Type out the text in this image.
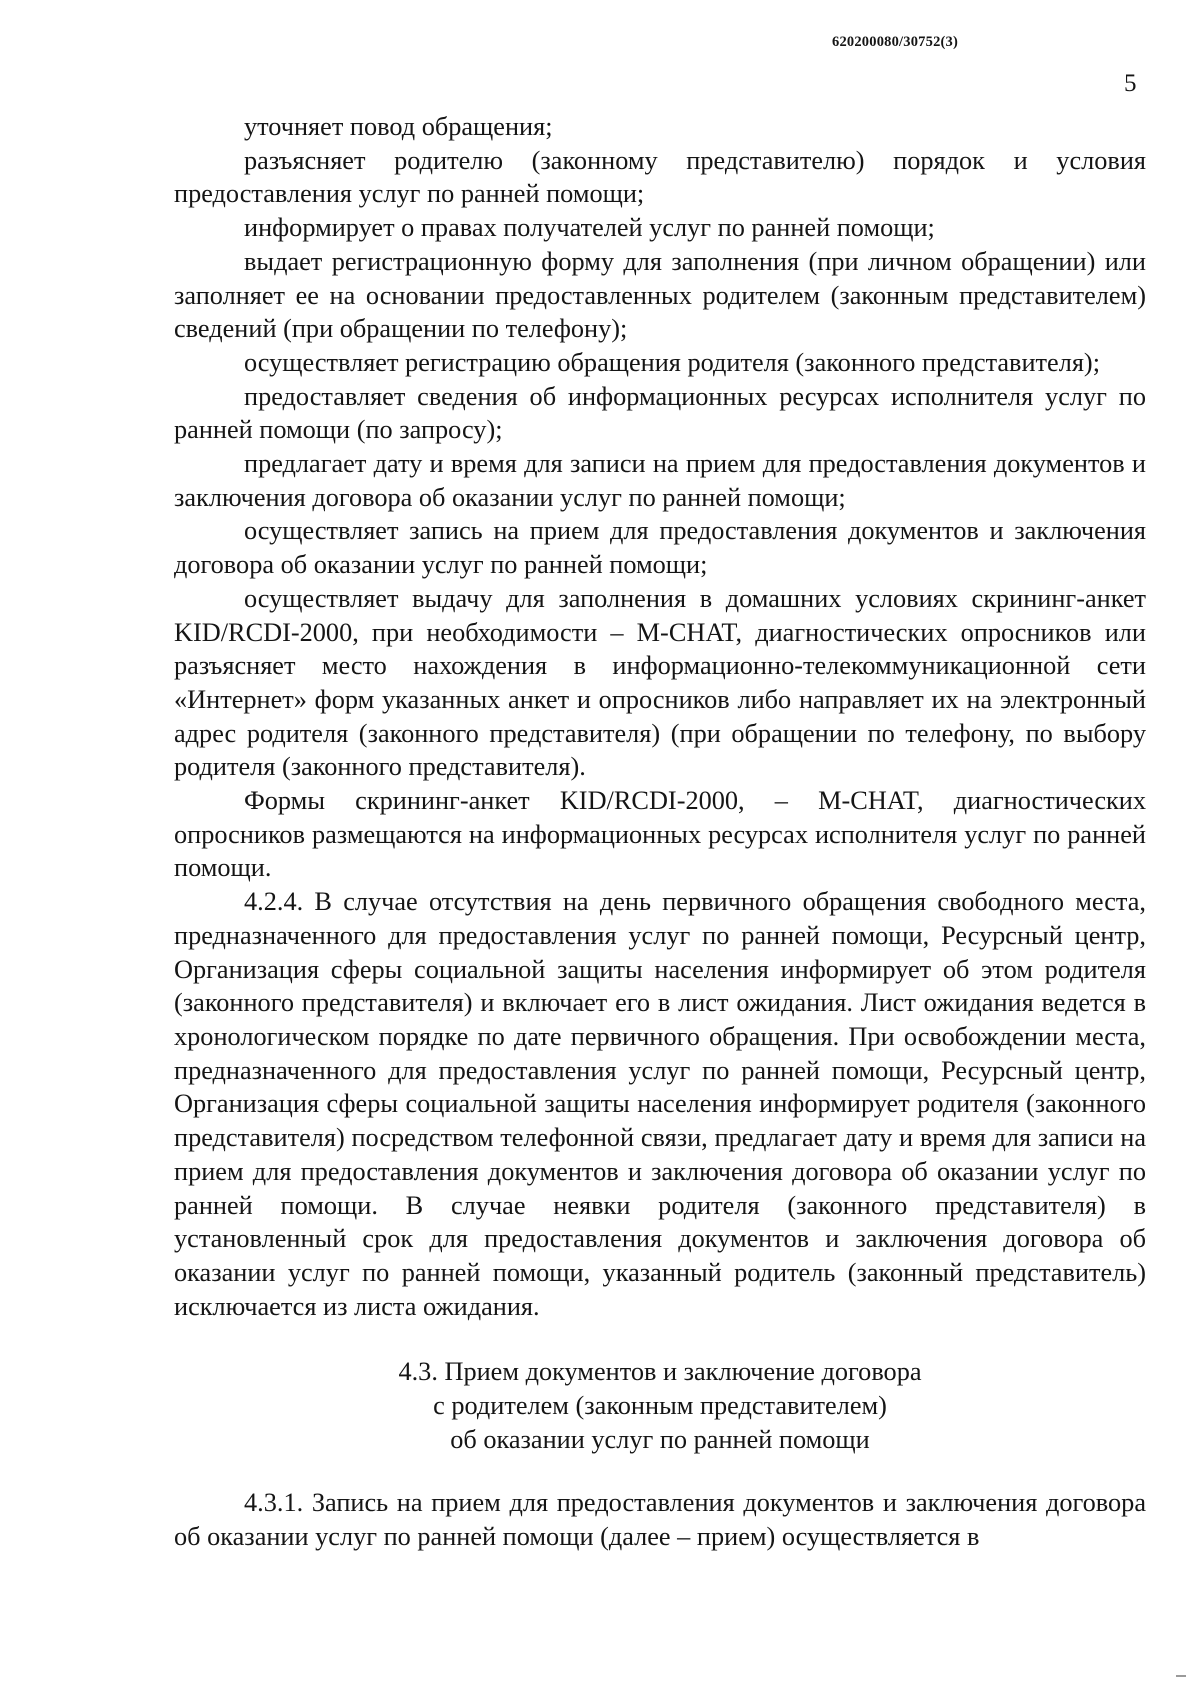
620200080/30752(3)
5

уточняет повод обращения;

разъясняет родителю (законному представителю) порядок и условия предоставления услуг по ранней помощи;

информирует о правах получателей услуг по ранней помощи;

выдает регистрационную форму для заполнения (при личном обращении) или заполняет ее на основании предоставленных родителем (законным представителем) сведений (при обращении по телефону);

осуществляет регистрацию обращения родителя (законного представителя);

предоставляет сведения об информационных ресурсах исполнителя услуг по ранней помощи (по запросу);

предлагает дату и время для записи на прием для предоставления документов и заключения договора об оказании услуг по ранней помощи;

осуществляет запись на прием для предоставления документов и заключения договора об оказании услуг по ранней помощи;

осуществляет выдачу для заполнения в домашних условиях скрининг-анкет KID/RCDI-2000, при необходимости – M-CHAT, диагностических опросников или разъясняет место нахождения в информационно-телекоммуникационной сети «Интернет» форм указанных анкет и опросников либо направляет их на электронный адрес родителя (законного представителя) (при обращении по телефону, по выбору родителя (законного представителя).

Формы скрининг-анкет KID/RCDI-2000, – M-CHAT, диагностических опросников размещаются на информационных ресурсах исполнителя услуг по ранней помощи.

4.2.4. В случае отсутствия на день первичного обращения свободного места, предназначенного для предоставления услуг по ранней помощи, Ресурсный центр, Организация сферы социальной защиты населения информирует об этом родителя (законного представителя) и включает его в лист ожидания. Лист ожидания ведется в хронологическом порядке по дате первичного обращения. При освобождении места, предназначенного для предоставления услуг по ранней помощи, Ресурсный центр, Организация сферы социальной защиты населения информирует родителя (законного представителя) посредством телефонной связи, предлагает дату и время для записи на прием для предоставления документов и заключения договора об оказании услуг по ранней помощи. В случае неявки родителя (законного представителя) в установленный срок для предоставления документов и заключения договора об оказании услуг по ранней помощи, указанный родитель (законный представитель) исключается из листа ожидания.

4.3. Прием документов и заключение договора
с родителем (законным представителем)
об оказании услуг по ранней помощи

4.3.1. Запись на прием для предоставления документов и заключения договора об оказании услуг по ранней помощи (далее – прием) осуществляется в
